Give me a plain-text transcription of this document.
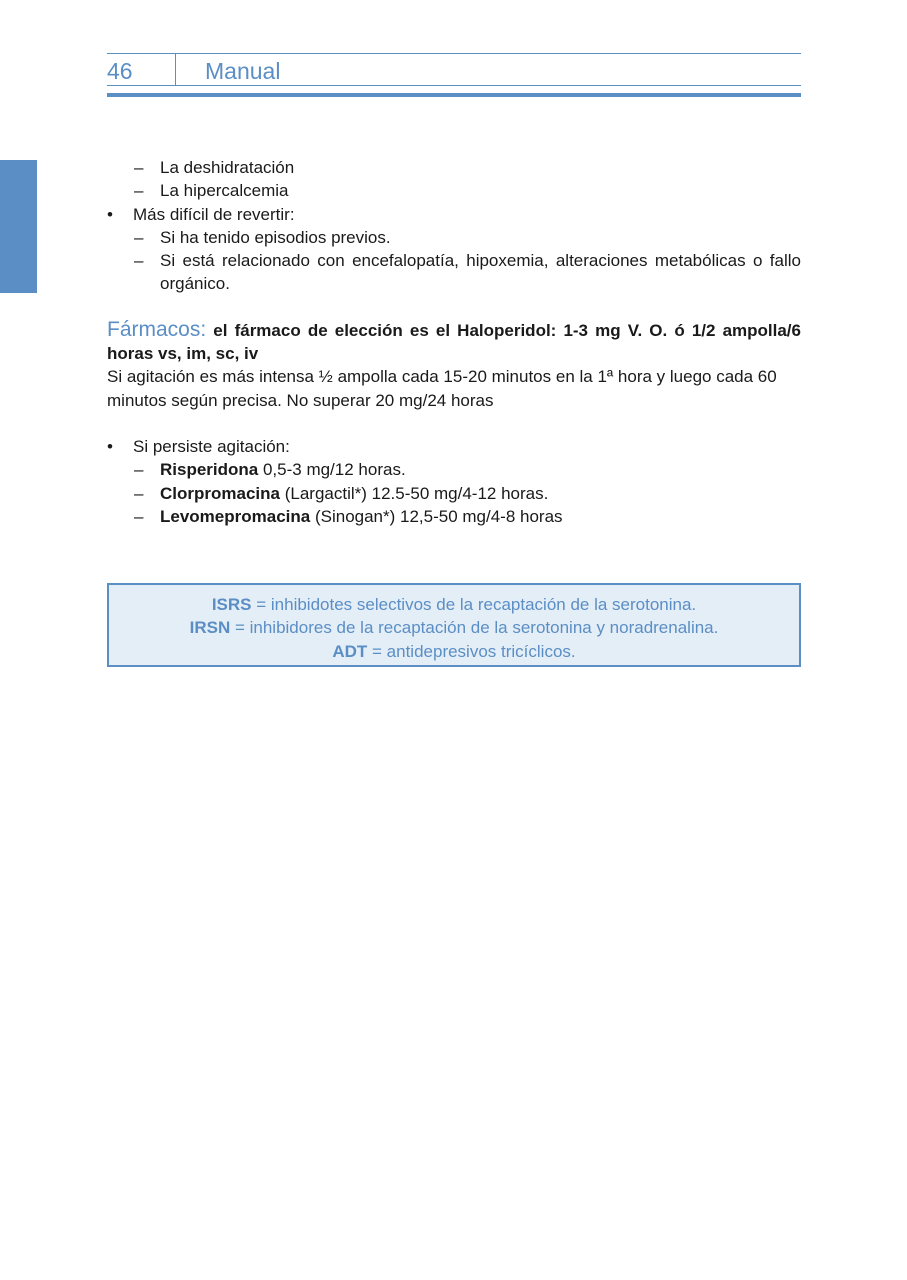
46	Manual
– La deshidratación
– La hipercalcemia
• Más difícil de revertir:
– Si ha tenido episodios previos.
– Si está relacionado con encefalopatía, hipoxemia, alteraciones metabólicas o fallo orgánico.
Fármacos: el fármaco de elección es el Haloperidol: 1-3 mg V. O. ó 1/2 ampolla/6 horas vs, im, sc, iv
Si agitación es más intensa ½ ampolla cada 15-20 minutos en la 1ª hora y luego cada 60 minutos según precisa. No superar 20 mg/24 horas
• Si persiste agitación:
– Risperidona 0,5-3 mg/12 horas.
– Clorpromacina (Largactil*) 12.5-50 mg/4-12 horas.
– Levomepromacina (Sinogan*) 12,5-50 mg/4-8 horas
ISRS = inhibidotes selectivos de la recaptación de la serotonina.
IRSN = inhibidores de la recaptación de la serotonina y noradrenalina.
ADT = antidepresivos tricíclicos.
